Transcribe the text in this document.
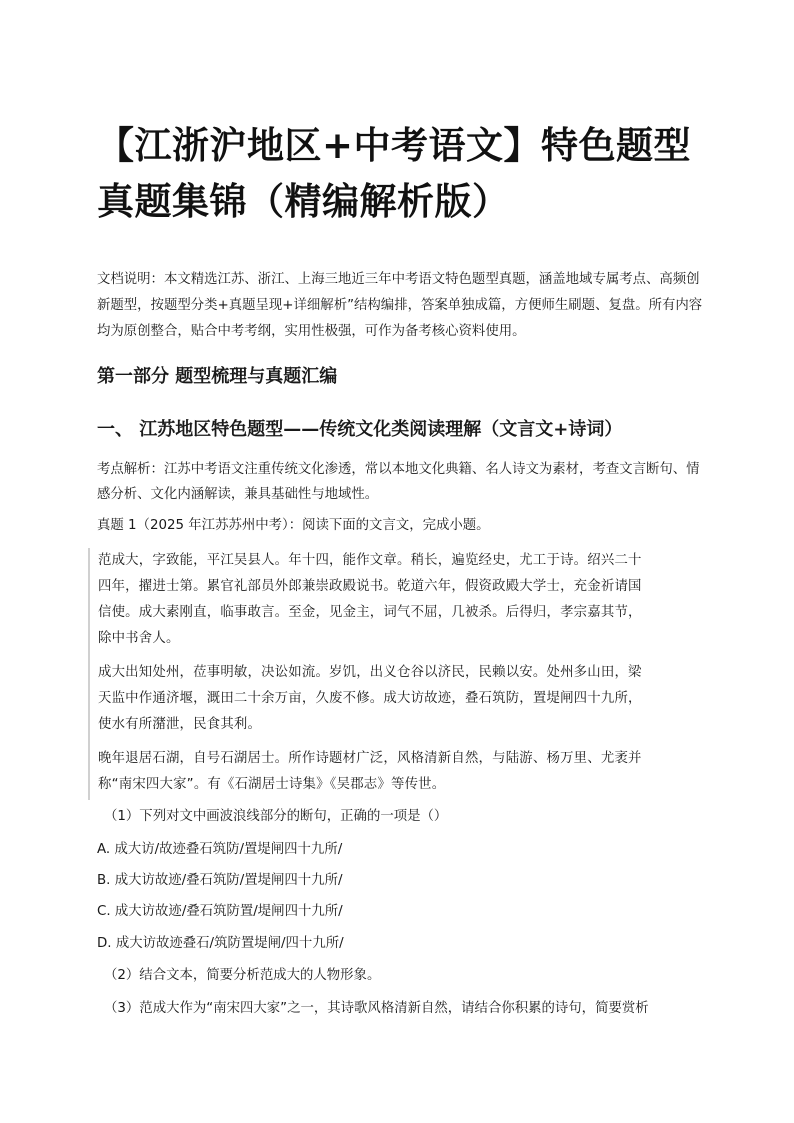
【江浙沪地区+中考语文】特色题型真题集锦（精编解析版）

文档说明：本文精选江苏、浙江、上海三地近三年中考语文特色题型真题，涵盖地域专属考点、高频创新题型，按题型分类+真题呈现+详细解析”结构编排，答案单独成篇，方便师生刷题、复盘。所有内容均为原创整合，贴合中考考纲，实用性极强，可作为备考核心资料使用。

第一部分 题型梳理与真题汇编
一、 江苏地区特色题型——传统文化类阅读理解（文言文+诗词）

考点解析：江苏中考语文注重传统文化渗透，常以本地文化典籍、名人诗文为素材，考查文言断句、情感分析、文化内涵解读，兼具基础性与地域性。

真题 1（2025 年江苏苏州中考）：阅读下面的文言文，完成小题。

范成大，字致能，平江吴县人。年十四，能作文章。稍长，遍览经史，尤工于诗。绍兴二十四年，擢进士第。累官礼部员外郎兼崇政殿说书。乾道六年，假资政殿大学士，充金祈请国信使。成大素刚直，临事敢言。至金，见金主，词气不屈，几被杀。后得归，孝宗嘉其节，除中书舍人。

成大出知处州，莅事明敏，决讼如流。岁饥，出义仓谷以济民，民赖以安。处州多山田，梁天监中作通济堰，溉田二十余万亩，久废不修。成大访故迹，叠石筑防，置堤闸四十九所，使水有所潴泄，民食其利。

晚年退居石湖，自号石湖居士。所作诗题材广泛，风格清新自然，与陆游、杨万里、尤袤并称“南宋四大家”。有《石湖居士诗集》《吴郡志》等传世。

（1）下列对文中画波浪线部分的断句，正确的一项是（）

A. 成大访/故迹叠石筑防/置堤闸四十九所/

B. 成大访故迹/叠石筑防/置堤闸四十九所/

C. 成大访故迹/叠石筑防置/堤闸四十九所/

D. 成大访故迹叠石/筑防置堤闸/四十九所/

（2）结合文本，简要分析范成大的人物形象。

（3）范成大作为“南宋四大家”之一，其诗歌风格清新自然，请结合你积累的诗句，简要赏析
